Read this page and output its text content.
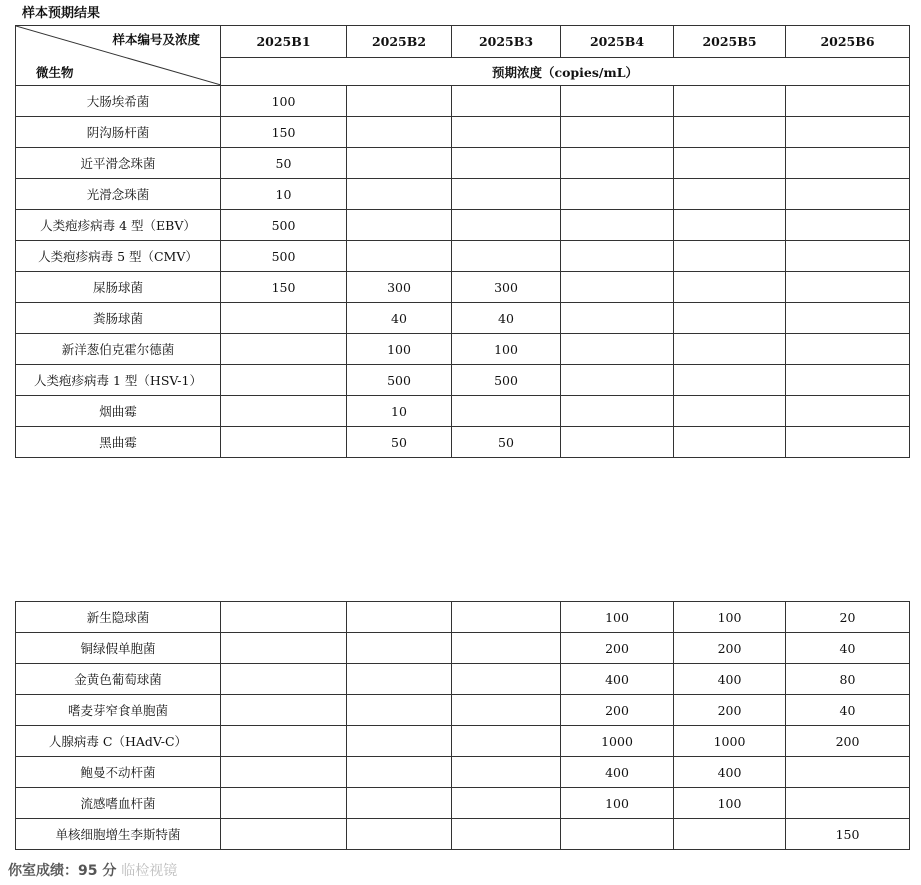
样本预期结果
样本编号及浓度
微生物	2025B1	2025B2	2025B3	2025B4	2025B5	2025B6
	预期浓度（copies/mL）					
大肠埃希菌	100					
阴沟肠杆菌	150					
近平滑念珠菌	50					
光滑念珠菌	10					
人类疱疹病毒 4 型（EBV）	500					
人类疱疹病毒 5 型（CMV）	500					
屎肠球菌	150	300	300			
粪肠球菌		40	40			
新洋葱伯克霍尔德菌		100	100			
人类疱疹病毒 1 型（HSV-1）		500	500			
烟曲霉		10				
黑曲霉		50	50			
新生隐球菌				100	100	20
铜绿假单胞菌				200	200	40
金黄色葡萄球菌				400	400	80
嗜麦芽窄食单胞菌				200	200	40
人腺病毒 C（HAdV-C）				1000	1000	200
鲍曼不动杆菌				400	400	
流感嗜血杆菌				100	100	
单核细胞增生李斯特菌						150
你室成绩：95 分 临检视镜
